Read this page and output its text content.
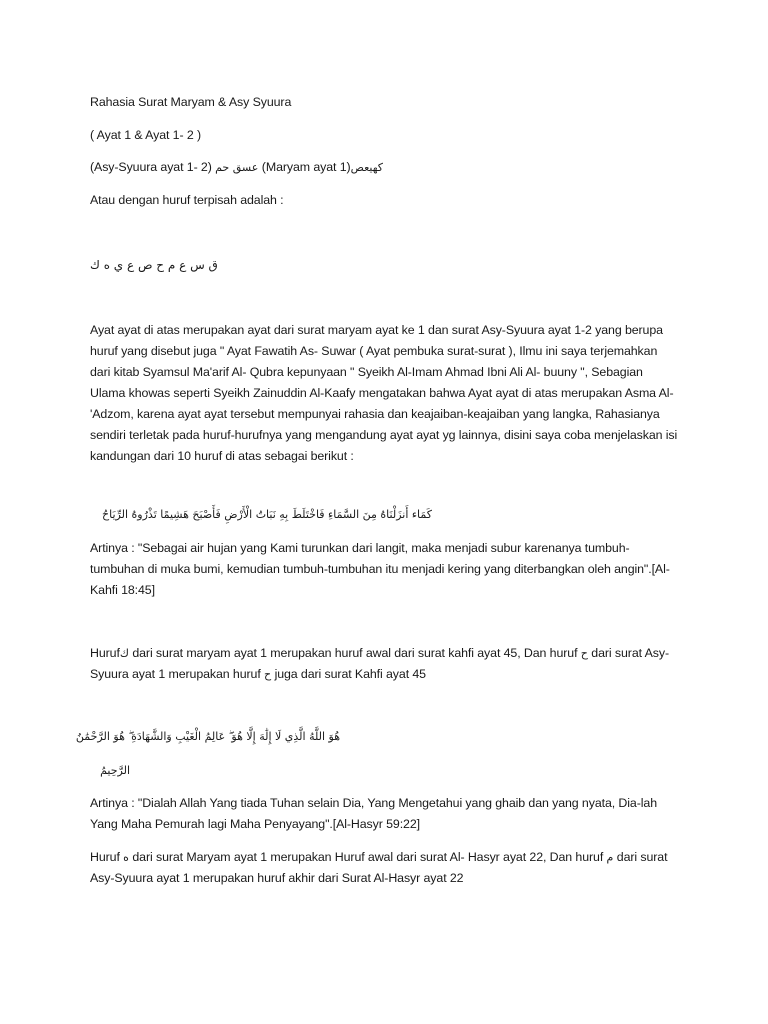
Rahasia Surat Maryam & Asy Syuura
( Ayat 1 & Ayat 1- 2 )
(Asy-Syuura ayat 1- 2) عسق حم (Maryam ayat 1)كهيعص
Atau dengan huruf terpisah adalah :
ق س ع م ح ص ع ي ه ك
Ayat ayat di atas merupakan ayat dari surat maryam ayat ke 1 dan surat Asy-Syuura ayat 1-2 yang berupa huruf yang disebut juga " Ayat Fawatih As- Suwar ( Ayat pembuka surat-surat ), Ilmu ini saya terjemahkan dari kitab Syamsul Ma'arif Al- Qubra kepunyaan " Syeikh Al-Imam Ahmad Ibni Ali Al- buuny ", Sebagian Ulama khowas seperti Syeikh Zainuddin Al-Kaafy mengatakan bahwa Ayat ayat di atas merupakan Asma Al-'Adzom, karena ayat ayat tersebut mempunyai rahasia dan keajaiban-keajaiban yang langka, Rahasianya sendiri terletak pada huruf-hurufnya yang mengandung ayat ayat yg lainnya, disini saya coba menjelaskan isi kandungan dari 10 huruf di atas sebagai berikut :
كَمَاء أَنزَلْنَاهُ مِنَ السَّمَاءِ فَاخْتَلَطَ بِهِ نَبَاتُ الْأَرْضِ فَأَصْبَحَ هَشِيمًا تَذْرُوهُ الرِّيَاحُ
Artinya : "Sebagai air hujan yang Kami turunkan dari langit, maka menjadi subur karenanya tumbuh-tumbuhan di muka bumi, kemudian tumbuh-tumbuhan itu menjadi kering yang diterbangkan oleh angin".[Al-Kahfi 18:45]
Hurufك dari surat maryam ayat 1 merupakan huruf awal dari surat kahfi ayat 45, Dan huruf ح dari surat Asy-Syuura ayat 1 merupakan huruf ح juga dari surat Kahfi ayat 45
هُوَ اللَّهُ الَّذِي لَا إِلَٰهَ إِلَّا هُوَ ۖ عَالِمُ الْغَيْبِ وَالشَّهَادَةِ ۖ هُوَ الرَّحْمَٰنُ
الرَّحِيمُ
Artinya : "Dialah Allah Yang tiada Tuhan selain Dia, Yang Mengetahui yang ghaib dan yang nyata, Dia-lah Yang Maha Pemurah lagi Maha Penyayang".[Al-Hasyr 59:22]
Huruf ه dari surat Maryam ayat 1 merupakan Huruf awal dari surat Al- Hasyr ayat 22, Dan huruf م dari surat Asy-Syuura ayat 1 merupakan huruf akhir dari Surat Al-Hasyr ayat 22
